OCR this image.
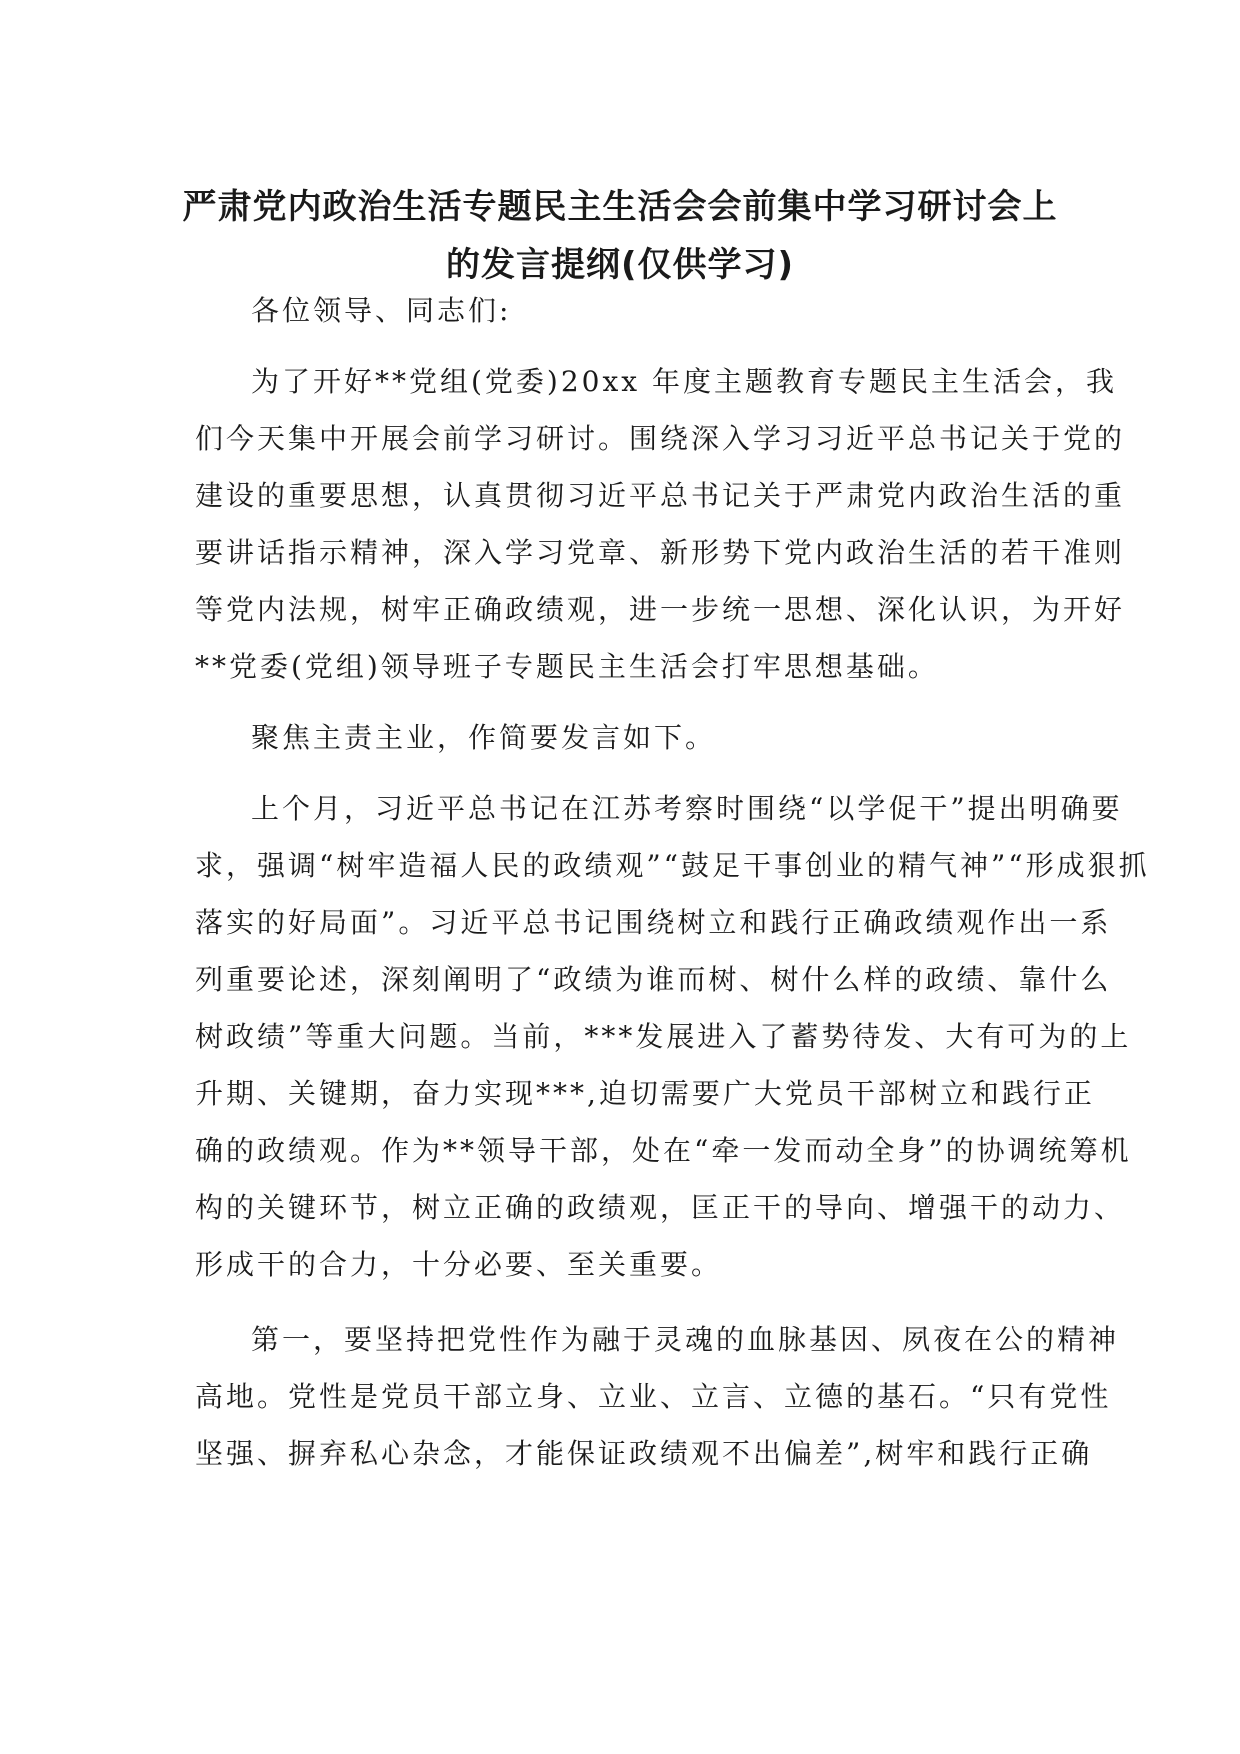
严肃党内政治生活专题民主生活会会前集中学习研讨会上
的发言提纲(仅供学习)
各位领导、同志们:
为了开好**党组(党委)20xx 年度主题教育专题民主生活会，我
们今天集中开展会前学习研讨。围绕深入学习习近平总书记关于党的
建设的重要思想，认真贯彻习近平总书记关于严肃党内政治生活的重
要讲话指示精神，深入学习党章、新形势下党内政治生活的若干准则
等党内法规，树牢正确政绩观，进一步统一思想、深化认识，为开好
**党委(党组)领导班子专题民主生活会打牢思想基础。
聚焦主责主业，作简要发言如下。
上个月，习近平总书记在江苏考察时围绕“以学促干”提出明确要
求，强调“树牢造福人民的政绩观”“鼓足干事创业的精气神”“形成狠抓
落实的好局面”。习近平总书记围绕树立和践行正确政绩观作出一系
列重要论述，深刻阐明了“政绩为谁而树、树什么样的政绩、靠什么
树政绩”等重大问题。当前，***发展进入了蓄势待发、大有可为的上
升期、关键期，奋力实现***,迫切需要广大党员干部树立和践行正
确的政绩观。作为**领导干部，处在“牵一发而动全身”的协调统筹机
构的关键环节，树立正确的政绩观，匡正干的导向、增强干的动力、
形成干的合力，十分必要、至关重要。
第一，要坚持把党性作为融于灵魂的血脉基因、夙夜在公的精神
高地。党性是党员干部立身、立业、立言、立德的基石。“只有党性
坚强、摒弃私心杂念，才能保证政绩观不出偏差”,树牢和践行正确
